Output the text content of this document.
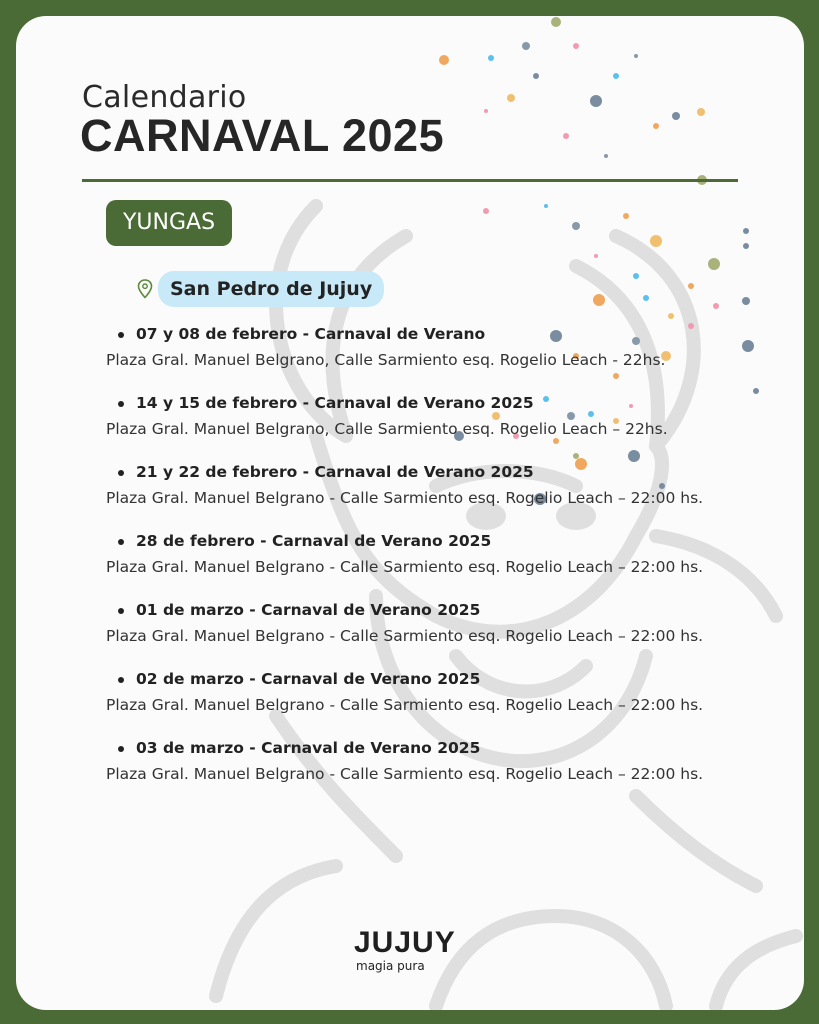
Calendario
CARNAVAL 2025
YUNGAS
San Pedro de Jujuy
07 y 08 de febrero - Carnaval de Verano
Plaza Gral. Manuel Belgrano, Calle Sarmiento esq. Rogelio Leach - 22hs.
14 y 15 de febrero - Carnaval de Verano 2025
Plaza Gral. Manuel Belgrano, Calle Sarmiento esq. Rogelio Leach – 22hs.
21 y 22 de febrero - Carnaval de Verano 2025
Plaza Gral. Manuel Belgrano - Calle Sarmiento esq. Rogelio Leach – 22:00 hs.
28 de febrero - Carnaval de Verano 2025
Plaza Gral. Manuel Belgrano - Calle Sarmiento esq. Rogelio Leach – 22:00 hs.
01 de marzo - Carnaval de Verano 2025
Plaza Gral. Manuel Belgrano - Calle Sarmiento esq. Rogelio Leach – 22:00 hs.
02 de marzo - Carnaval de Verano 2025
Plaza Gral. Manuel Belgrano - Calle Sarmiento esq. Rogelio Leach – 22:00 hs.
03 de marzo - Carnaval de Verano 2025
Plaza Gral. Manuel Belgrano - Calle Sarmiento esq. Rogelio Leach – 22:00 hs.
JUJUY
magia pura
